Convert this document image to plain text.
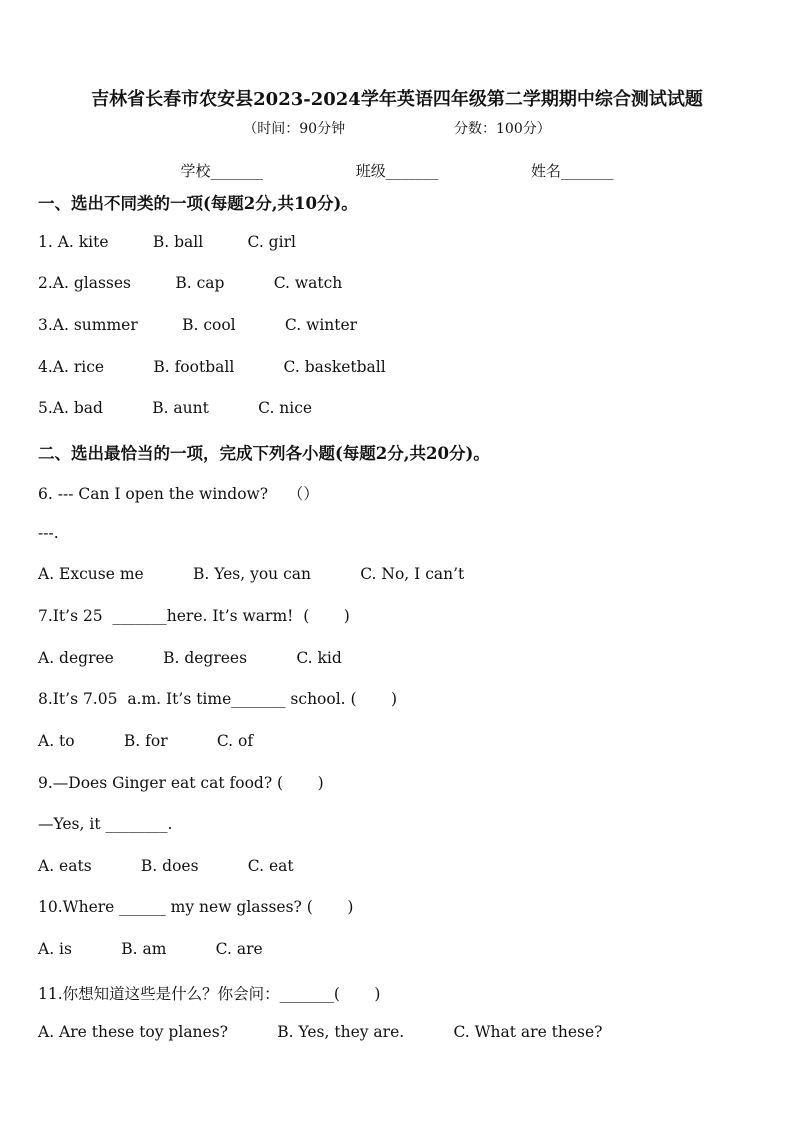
吉林省长春市农安县2023-2024学年英语四年级第二学期期中综合测试试题
（时间：90分钟	分数：100分）
学校_______	班级_______	姓名_______
一、选出不同类的一项(每题2分,共10分)。
1. A. kite         B. ball         C. girl
2.A. glasses         B. cap          C. watch
3.A. summer         B. cool          C. winter
4.A. rice          B. football          C. basketball
5.A. bad          B. aunt          C. nice
二、选出最恰当的一项，完成下列各小题(每题2分,共20分)。
6. --- Can I open the window?    （）
---.
A. Excuse me          B. Yes, you can          C. No, I can’t
7.It’s 25  _______here. It’s warm!  (       )
A. degree          B. degrees          C. kid
8.It’s 7.05  a.m. It’s time_______ school. (       )
A. to          B. for          C. of
9.—Does Ginger eat cat food? (       )
—Yes, it ________.
A. eats          B. does          C. eat
10.Where ______ my new glasses? (       )
A. is          B. am          C. are
11.你想知道这些是什么？你会问：_______(       )
A. Are these toy planes?          B. Yes, they are.          C. What are these?
